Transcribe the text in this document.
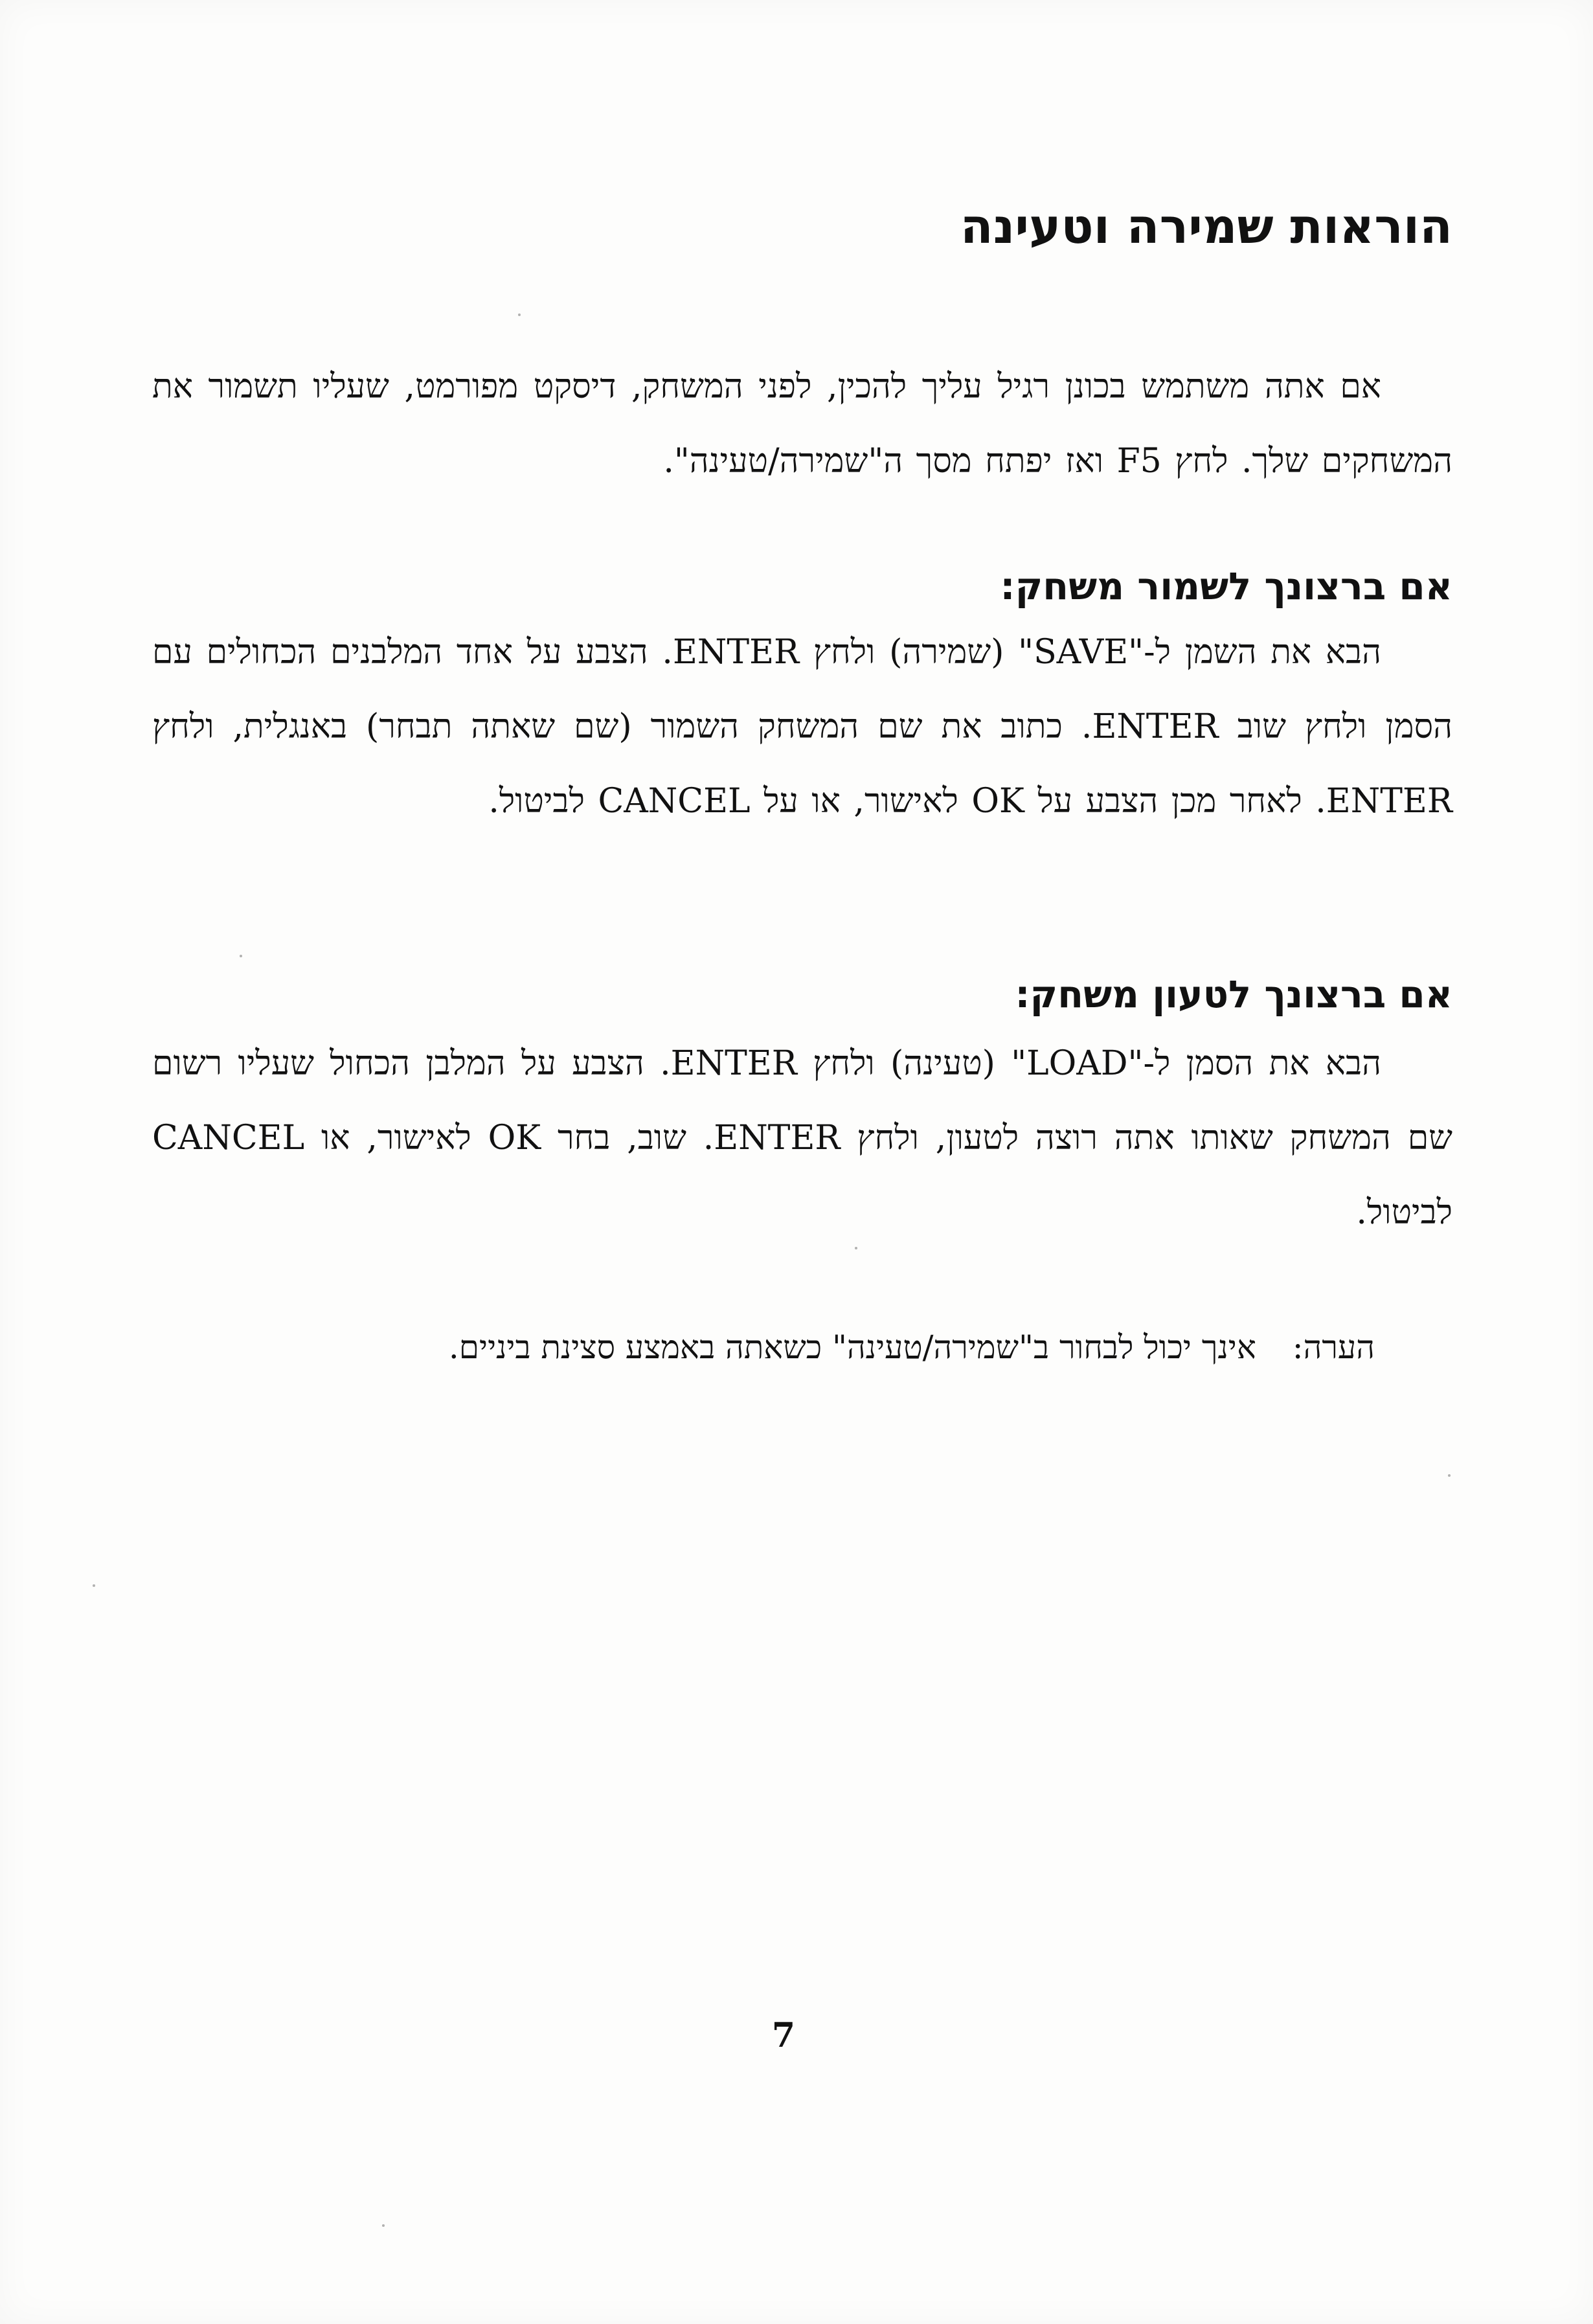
הוראות שמירה וטעינה

אם אתה משתמש בכונן רגיל עליך להכין, לפני המשחק, דיסקט מפורמט, שעליו תשמור את המשחקים שלך. לחץ F5 ואז יפתח מסך ה"שמירה/טעינה".

אם ברצונך לשמור משחק:

הבא את השמן ל-"SAVE" (שמירה) ולחץ ENTER. הצבע על אחד המלבנים הכחולים עם הסמן ולחץ שוב ENTER. כתוב את שם המשחק השמור (שם שאתה תבחר) באנגלית, ולחץ ENTER. לאחר מכן הצבע על OK לאישור, או על CANCEL לביטול.

אם ברצונך לטעון משחק:

הבא את הסמן ל-"LOAD" (טעינה) ולחץ ENTER. הצבע על המלבן הכחול שעליו רשום שם המשחק שאותו אתה רוצה לטעון, ולחץ ENTER. שוב, בחר OK לאישור, או CANCEL לביטול.

הערה: אינך יכול לבחור ב"שמירה/טעינה" כשאתה באמצע סצינת ביניים.

7
